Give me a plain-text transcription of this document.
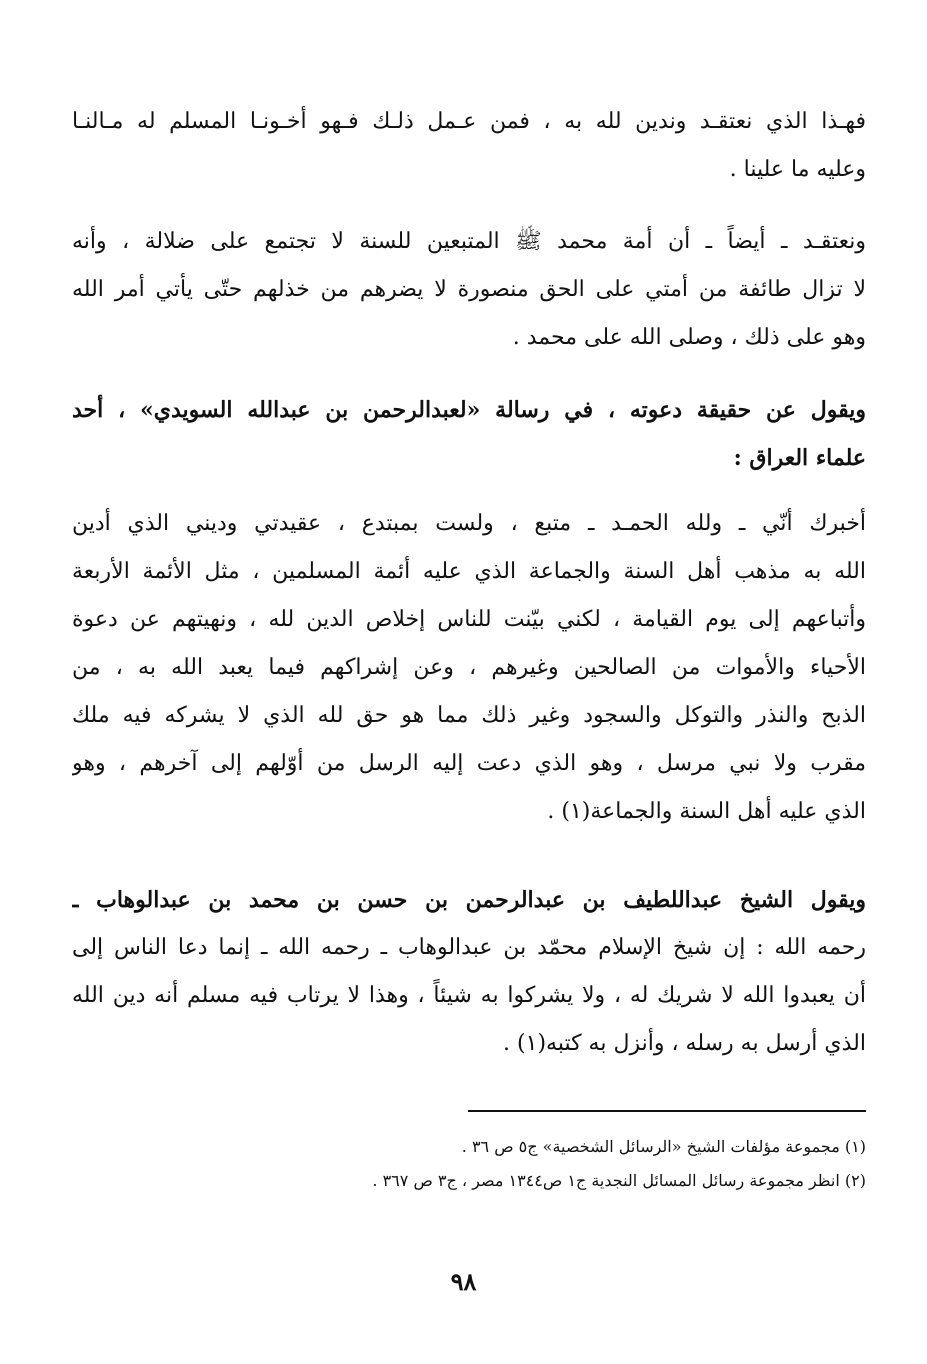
فهـذا الذي نعتقـد وندين لله به ، فمن عـمل ذلـك فـهو أخـونـا المسلم له مـالنـا
وعليه ما علينا .
ونعتقـد ـ أيضاً ـ أن أمة محمد ﷺ المتبعين للسنة لا تجتمع على ضلالة ، وأنه
لا تزال طائفة من أمتي على الحق منصورة لا يضرهم من خذلهم حتّى يأتي أمر الله
وهو على ذلك ، وصلى الله على محمد .
ويقول عن حقيقة دعوته ، في رسالة «لعبدالرحمن بن عبدالله السويدي» ، أحد
علماء العراق :
أخبرك أنّي ـ ولله الحمـد ـ متبع ، ولست بمبتدع ، عقيدتي وديني الذي أدين
الله به مذهب أهل السنة والجماعة الذي عليه أئمة المسلمين ، مثل الأئمة الأربعة
وأتباعهم إلى يوم القيامة ، لكني بيّنت للناس إخلاص الدين لله ، ونهيتهم عن دعوة
الأحياء والأموات من الصالحين وغيرهم ، وعن إشراكهم فيما يعبد الله به ، من
الذبح والنذر والتوكل والسجود وغير ذلك مما هو حق لله الذي لا يشركه فيه ملك
مقرب ولا نبي مرسل ، وهو الذي دعت إليه الرسل من أوّلهم إلى آخرهم ، وهو
الذي عليه أهل السنة والجماعة(١) .
ويقول الشيخ عبداللطيف بن عبدالرحمن بن حسن بن محمد بن عبدالوهاب ـ
رحمه الله : إن شيخ الإسلام محمّد بن عبدالوهاب ـ رحمه الله ـ إنما دعا الناس إلى
أن يعبدوا الله لا شريك له ، ولا يشركوا به شيئاً ، وهذا لا يرتاب فيه مسلم أنه دين الله
الذي أرسل به رسله ، وأنزل به كتبه(١) .
(١) مجموعة مؤلفات الشيخ «الرسائل الشخصية» ج٥ ص ٣٦ .
(٢) انظر مجموعة رسائل المسائل النجدية ج١ ص١٣٤٤ مصر ، ج٣ ص ٣٦٧ .
٩٨
